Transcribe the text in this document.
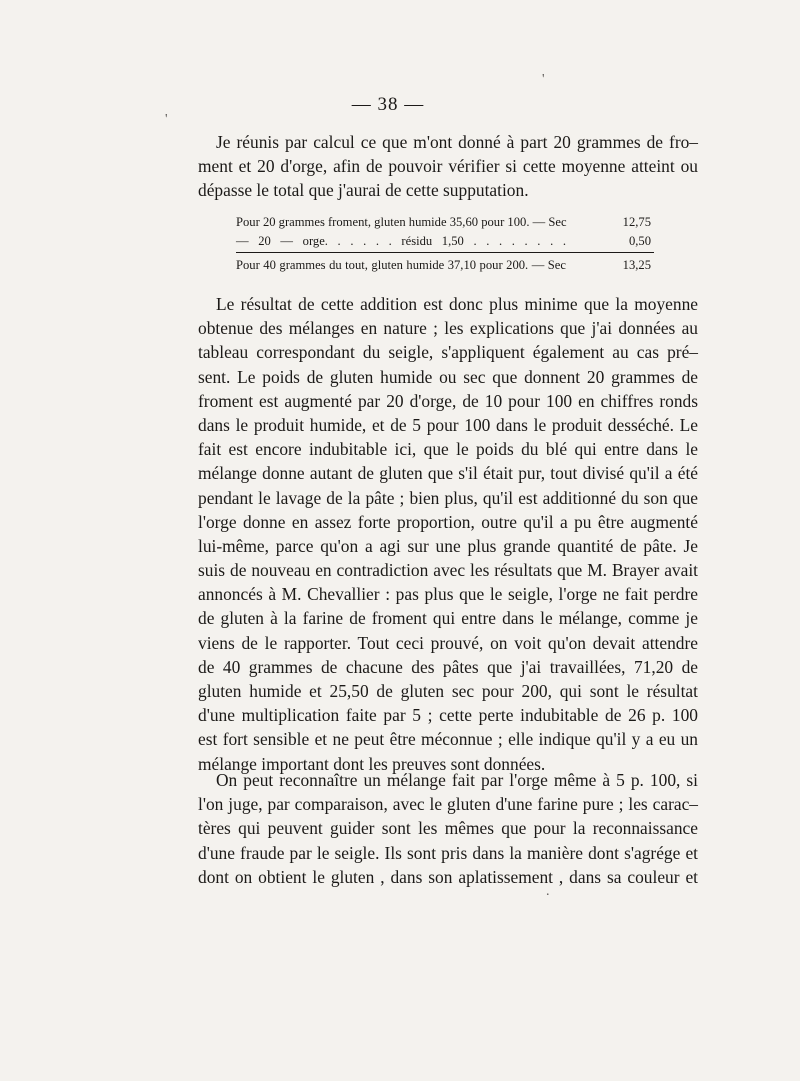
'
'
— 38 —
Je réunis par calcul ce que m'ont donné à part 20 grammes de fro–
ment et 20 d'orge, afin de pouvoir vérifier si cette moyenne atteint ou
dépasse le total que j'aurai de cette supputation.
Pour 20 grammes froment, gluten humide 35,60 pour 100. — Sec	12,75
— 20 — orge. . . . . . résidu 1,50 . . . . . . . .	0,50
Pour 40 grammes du tout, gluten humide 37,10 pour 200. — Sec	13,25
Le résultat de cette addition est donc plus minime que la moyenne
obtenue des mélanges en nature ; les explications que j'ai données au
tableau correspondant du seigle, s'appliquent également au cas pré–
sent. Le poids de gluten humide ou sec que donnent 20 grammes de
froment est augmenté par 20 d'orge, de 10 pour 100 en chiffres ronds
dans le produit humide, et de 5 pour 100 dans le produit desséché. Le
fait est encore indubitable ici, que le poids du blé qui entre dans le
mélange donne autant de gluten que s'il était pur, tout divisé qu'il a été
pendant le lavage de la pâte ; bien plus, qu'il est additionné du son que
l'orge donne en assez forte proportion, outre qu'il a pu être augmenté
lui-même, parce qu'on a agi sur une plus grande quantité de pâte. Je
suis de nouveau en contradiction avec les résultats que M. Brayer avait
annoncés à M. Chevallier : pas plus que le seigle, l'orge ne fait perdre
de gluten à la farine de froment qui entre dans le mélange, comme je
viens de le rapporter. Tout ceci prouvé, on voit qu'on devait attendre
de 40 grammes de chacune des pâtes que j'ai travaillées, 71,20 de
gluten humide et 25,50 de gluten sec pour 200, qui sont le résultat
d'une multiplication faite par 5 ; cette perte indubitable de 26 p. 100
est fort sensible et ne peut être méconnue ; elle indique qu'il y a eu un
mélange important dont les preuves sont données.
On peut reconnaître un mélange fait par l'orge même à 5 p. 100, si
l'on juge, par comparaison, avec le gluten d'une farine pure ; les carac–
tères qui peuvent guider sont les mêmes que pour la reconnaissance
d'une fraude par le seigle. Ils sont pris dans la manière dont s'agrége et
dont on obtient le gluten , dans son aplatissement , dans sa couleur et
.
